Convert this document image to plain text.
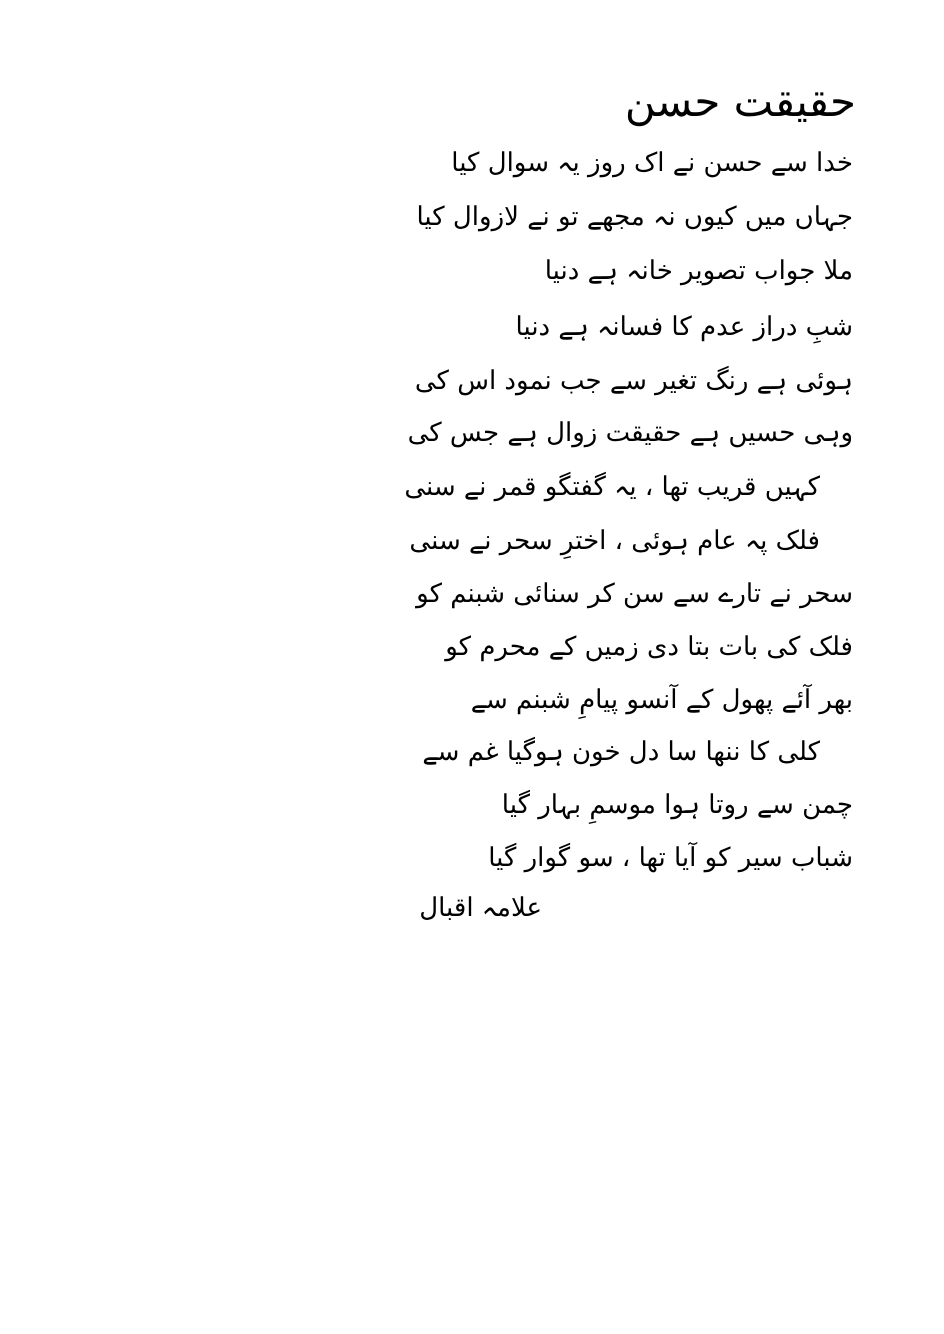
حقیقت حسن
خدا سے حسن نے اک روز یہ سوال کیا
جہاں میں کیوں نہ مجھے تو نے لازوال کیا
ملا جواب تصویر خانہ ہے دنیا
شبِ دراز عدم کا فسانہ ہے دنیا
ہوئی ہے رنگ تغیر سے جب نمود اس کی
وہی حسیں ہے حقیقت زوال ہے جس کی
کہیں قریب تھا ، یہ گفتگو قمر نے سنی
فلک پہ عام ہوئی ، اخترِ سحر نے سنی
سحر نے تارے سے سن کر سنائی شبنم کو
فلک کی بات بتا دی زمیں کے محرم کو
بھر آئے پھول کے آنسو پیامِ شبنم سے
کلی کا ننھا سا دل خون ہوگیا غم سے
چمن سے روتا ہوا موسمِ بہار گیا
شباب سیر کو آیا تھا ، سو گوار گیا
علامہ اقبال
